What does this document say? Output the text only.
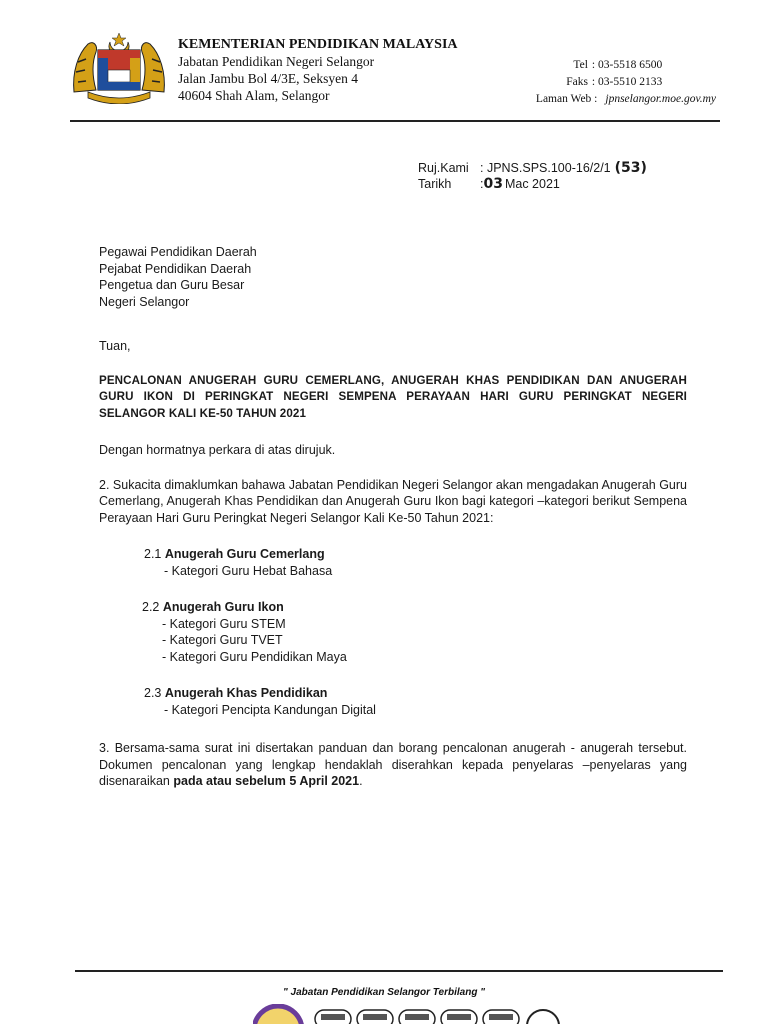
KEMENTERIAN PENDIDIKAN MALAYSIA
Jabatan Pendidikan Negeri Selangor
Jalan Jambu Bol 4/3E, Seksyen 4
40604 Shah Alam, Selangor
Tel : 03-5518 6500
Faks : 03-5510 2133
Laman Web : jpnselangor.moe.gov.my
Ruj.Kami : JPNS.SPS.100-16/2/1 (53)
Tarikh	: 03 Mac 2021
Pegawai Pendidikan Daerah
Pejabat Pendidikan Daerah
Pengetua dan Guru Besar
Negeri Selangor
Tuan,
PENCALONAN ANUGERAH GURU CEMERLANG, ANUGERAH KHAS PENDIDIKAN DAN ANUGERAH GURU IKON DI PERINGKAT NEGERI SEMPENA PERAYAAN HARI GURU PERINGKAT NEGERI SELANGOR KALI KE-50 TAHUN 2021
Dengan hormatnya perkara di atas dirujuk.
2. Sukacita dimaklumkan bahawa Jabatan Pendidikan Negeri Selangor akan mengadakan Anugerah Guru Cemerlang, Anugerah Khas Pendidikan dan Anugerah Guru Ikon bagi kategori –kategori berikut Sempena Perayaan Hari Guru Peringkat Negeri Selangor Kali Ke-50 Tahun 2021:
2.1 Anugerah Guru Cemerlang
- Kategori Guru Hebat Bahasa
2.2 Anugerah Guru Ikon
- Kategori Guru STEM
- Kategori Guru TVET
- Kategori Guru Pendidikan Maya
2.3 Anugerah Khas Pendidikan
- Kategori Pencipta Kandungan Digital
3. Bersama-sama surat ini disertakan panduan dan borang pencalonan anugerah - anugerah tersebut. Dokumen pencalonan yang lengkap hendaklah diserahkan kepada penyelaras –penyelaras yang disenaraikan pada atau sebelum 5 April 2021.
" Jabatan Pendidikan Selangor Terbilang "
